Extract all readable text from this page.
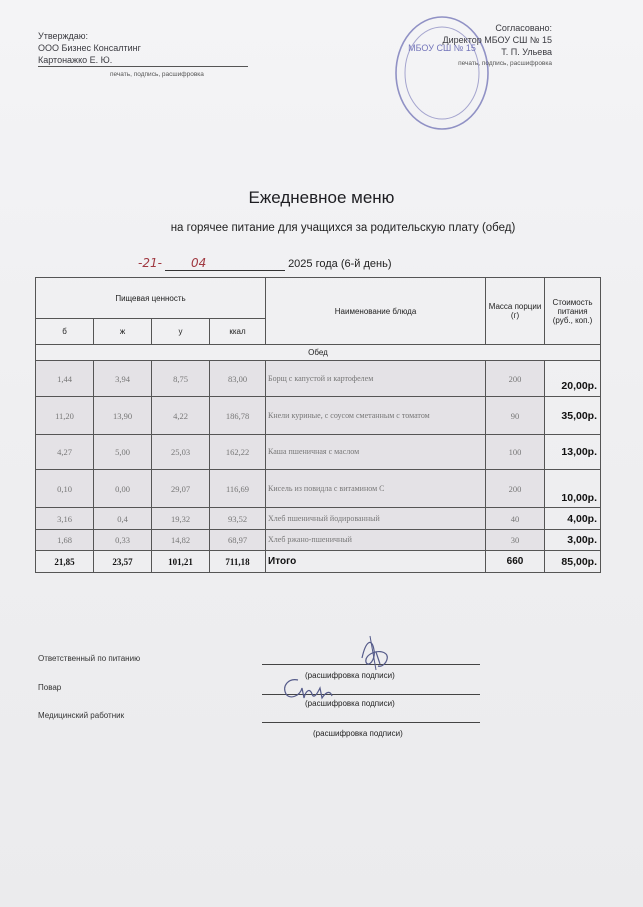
Утверждаю:
ООО Бизнес Консалтинг
Картонажко Е. Ю.
печать, подпись, расшифровка
МБОУ СШ № 15
Согласовано:
Директор МБОУ СШ № 15
Т. П. Ульева
печать, подпись, расшифровка
Ежедневное меню
на горячее питание для учащихся за родительскую плату (обед)
-21- 04	2025 года (6-й день)
Пищевая ценность				Наименование блюда	Масса порции (г)	Стоимость питания (руб., коп.)
б	ж	у	ккал			
Обед						
1,44	3,94	8,75	83,00	Борщ с капустой и картофелем	200	20,00р.
11,20	13,90	4,22	186,78	Кнели куриные, с соусом сметанным с томатом	90	35,00р.
4,27	5,00	25,03	162,22	Каша пшеничная с маслом	100	13,00р.
0,10	0,00	29,07	116,69	Кисель из повидла с витамином С	200	10,00р.
3,16	0,4	19,32	93,52	Хлеб пшеничный йодированный	40	4,00р.
1,68	0,33	14,82	68,97	Хлеб ржано-пшеничный	30	3,00р.
21,85	23,57	101,21	711,18	Итого	660	85,00р.
Ответственный по питанию
(расшифровка подписи)
Повар
(расшифровка подписи)
Медицинский работник
(расшифровка подписи)
